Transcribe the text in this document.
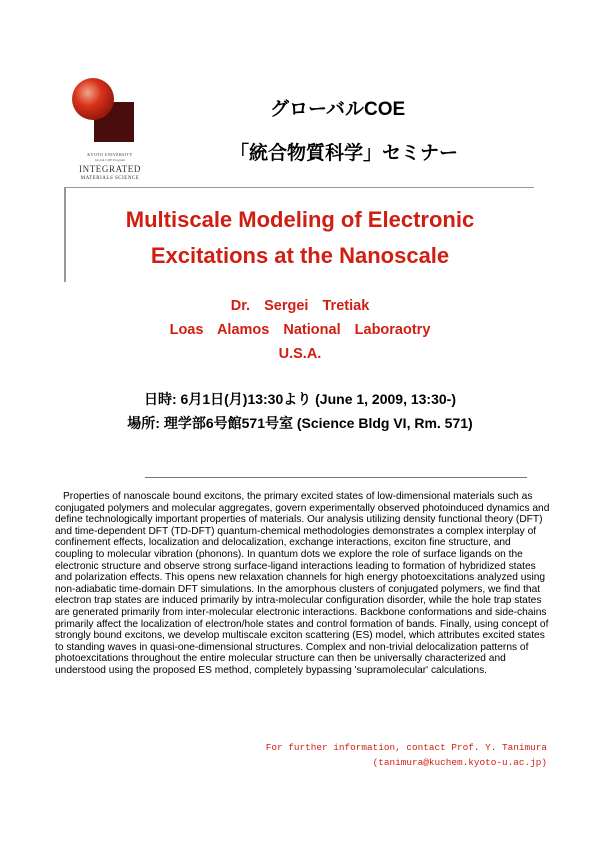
KYOTO UNIVERSITY
Global COE Program
INTEGRATED
MATERIALS SCIENCE
グローバルCOE
「統合物質科学」セミナー
Multiscale Modeling of Electronic
Excitations at the Nanoscale
Dr.  Sergei  Tretiak
Loas  Alamos  National  Laboraotry
U.S.A.
日時: 6月1日(月)13:30より (June 1, 2009, 13:30-)
場所: 理学部6号館571号室 (Science Bldg VI, Rm. 571)

Properties of nanoscale bound excitons, the primary excited states of low-dimensional materials such as conjugated polymers and molecular aggregates, govern experimentally observed photoinduced dynamics and define technologically important properties of materials. Our analysis utilizing density functional theory (DFT) and time-dependent DFT (TD-DFT) quantum-chemical methodologies demonstrates a complex interplay of confinement effects, localization and delocalization, exchange interactions, exciton fine structure, and coupling to molecular vibration (phonons). In quantum dots we explore the role of surface ligands on the electronic structure and observe strong surface-ligand interactions leading to formation of hybridized states and polarization effects. This opens new relaxation channels for high energy photoexcitations analyzed using non-adiabatic time-domain DFT simulations. In the amorphous clusters of conjugated polymers, we find that electron trap states are induced primarily by intra-molecular configuration disorder, while the hole trap states are generated primarily from inter-molecular electronic interactions. Backbone conformations and side-chains primarily affect the localization of electron/hole states and control formation of bands. Finally, using concept of strongly bound excitons, we develop multiscale exciton scattering (ES) model, which attributes excited states to standing waves in quasi-one-dimensional structures. Complex and non-trivial delocalization patterns of photoexcitations throughout the entire molecular structure can then be universally characterized and understood using the proposed ES method, completely bypassing 'supramolecular' calculations.

For further information, contact Prof. Y. Tanimura
(tanimura@kuchem.kyoto-u.ac.jp)
